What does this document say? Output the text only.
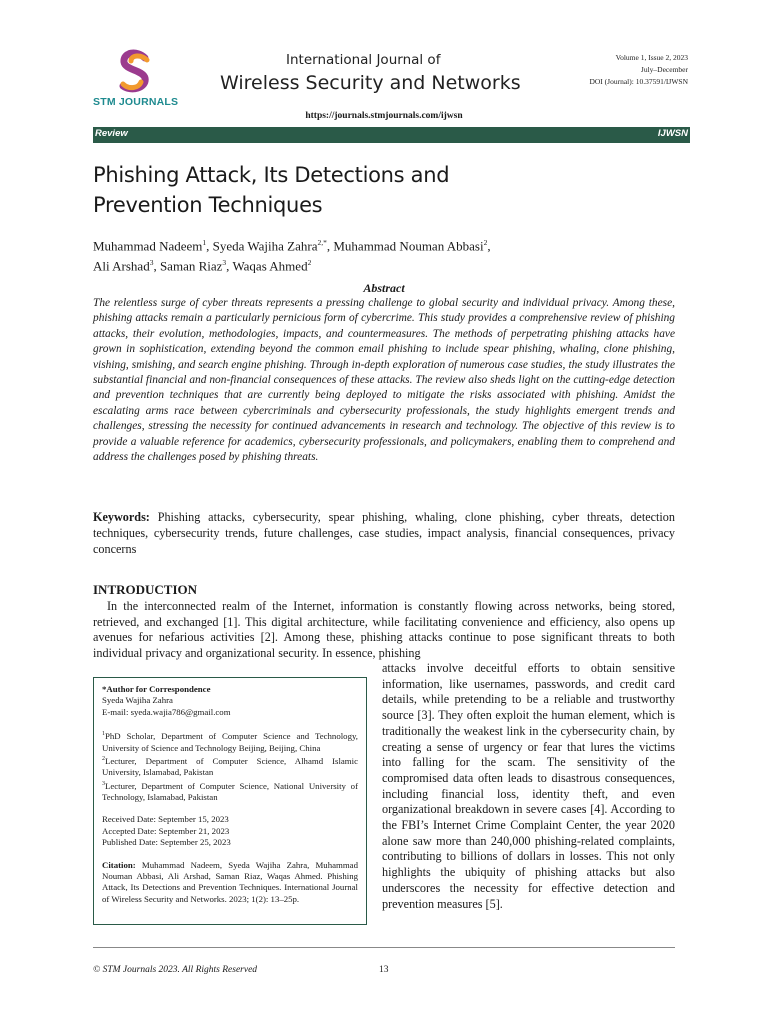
STM JOURNALS
International Journal of
Wireless Security and Networks
Volume 1, Issue 2, 2023
July–December
DOI (Journal): 10.37591/IJWSN
https://journals.stmjournals.com/ijwsn
Review	IJWSN
Phishing Attack, Its Detections and
Prevention Techniques
Muhammad Nadeem$^1$, Syeda Wajiha Zahra$^{2,*}$, Muhammad Nouman Abbasi$^2$,
Ali Arshad$^3$, Saman Riaz$^3$, Waqas Ahmed$^2$
Abstract
The relentless surge of cyber threats represents a pressing challenge to global security and individual privacy. Among these, phishing attacks remain a particularly pernicious form of cybercrime. This study provides a comprehensive review of phishing attacks, their evolution, methodologies, impacts, and countermeasures. The methods of perpetrating phishing attacks have grown in sophistication, extending beyond the common email phishing to include spear phishing, whaling, clone phishing, vishing, smishing, and search engine phishing. Through in-depth exploration of numerous case studies, the study illustrates the substantial financial and non-financial consequences of these attacks. The review also sheds light on the cutting-edge detection and prevention techniques that are currently being deployed to mitigate the risks associated with phishing. Amidst the escalating arms race between cybercriminals and cybersecurity professionals, the study highlights emergent trends and challenges, stressing the necessity for continued advancements in research and technology. The objective of this review is to provide a valuable reference for academics, cybersecurity professionals, and policymakers, enabling them to comprehend and address the challenges posed by phishing threats.
Keywords: Phishing attacks, cybersecurity, spear phishing, whaling, clone phishing, cyber threats, detection techniques, cybersecurity trends, future challenges, case studies, impact analysis, financial consequences, privacy concerns
INTRODUCTION
In the interconnected realm of the Internet, information is constantly flowing across networks, being stored, retrieved, and exchanged [1]. This digital architecture, while facilitating convenience and efficiency, also opens up avenues for nefarious activities [2]. Among these, phishing attacks continue to pose significant threats to both individual privacy and organizational security. In essence, phishing
attacks involve deceitful efforts to obtain sensitive information, like usernames, passwords, and credit card details, while pretending to be a reliable and trustworthy source [3]. They often exploit the human element, which is traditionally the weakest link in the cybersecurity chain, by creating a sense of urgency or fear that lures the victims into falling for the scam. The sensitivity of the compromised data often leads to disastrous consequences, including financial loss, identity theft, and even organizational breakdown in severe cases [4]. According to the FBI’s Internet Crime Complaint Center, the year 2020 alone saw more than 240,000 phishing-related complaints, contributing to billions of dollars in losses. This not only highlights the ubiquity of phishing attacks but also underscores the necessity for effective detection and prevention measures [5].

*Author for Correspondence

Syeda Wajiha Zahra

E-mail: syeda.wajia786@gmail.com

$^1$PhD Scholar, Department of Computer Science and Technology, University of Science and Technology Beijing, Beijing, China

$^2$Lecturer, Department of Computer Science, Alhamd Islamic University, Islamabad, Pakistan

$^3$Lecturer, Department of Computer Science, National University of Technology, Islamabad, Pakistan

Received Date: September 15, 2023

Accepted Date: September 21, 2023

Published Date: September 25, 2023

Citation: Muhammad Nadeem, Syeda Wajiha Zahra, Muhammad Nouman Abbasi, Ali Arshad, Saman Riaz, Waqas Ahmed. Phishing Attack, Its Detections and Prevention Techniques. International Journal of Wireless Security and Networks. 2023; 1(2): 13–25p.

© STM Journals 2023. All Rights Reserved	13
